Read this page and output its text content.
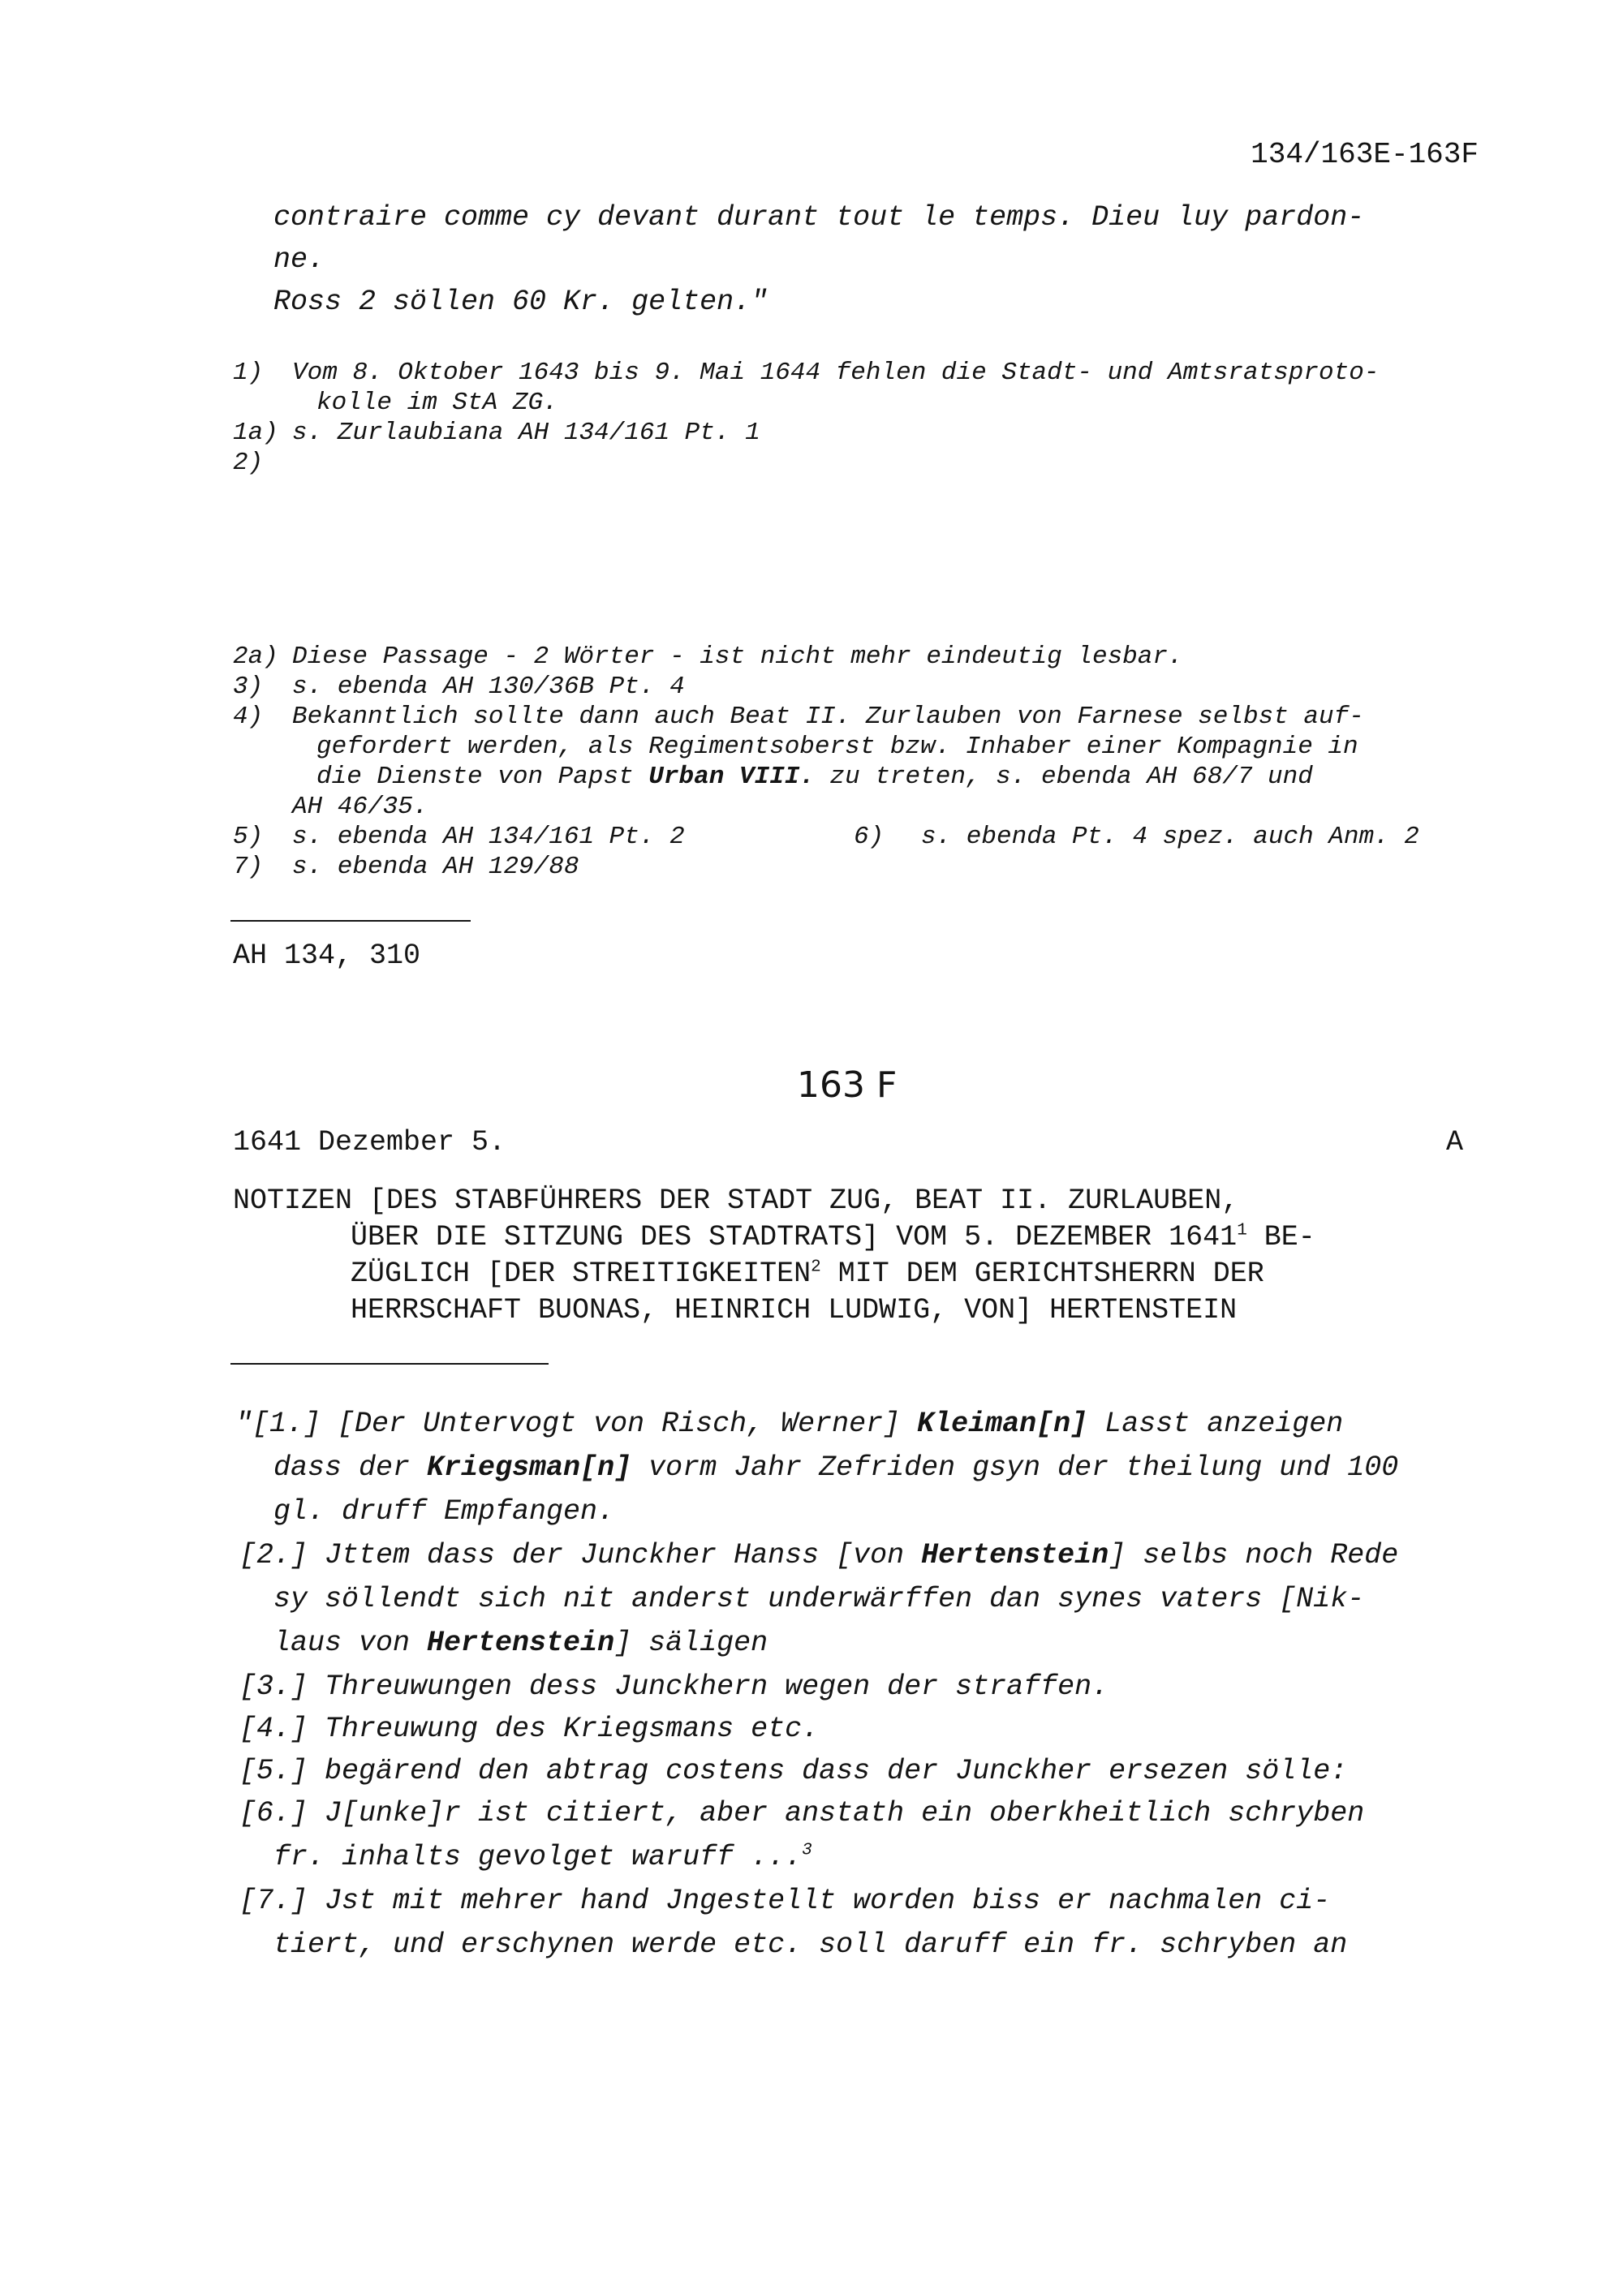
134/163E-163F
contraire comme cy devant durant tout le temps. Dieu luy pardon-
ne.
Ross 2 söllen 60 Kr. gelten."
1) Vom 8. Oktober 1643 bis 9. Mai 1644 fehlen die Stadt- und Amtsratsproto-
kolle im StA ZG.
1a) s. Zurlaubiana AH 134/161 Pt. 1
2)
2a) Diese Passage - 2 Wörter - ist nicht mehr eindeutig lesbar.
3) s. ebenda AH 130/36B Pt. 4
4) Bekanntlich sollte dann auch Beat II. Zurlauben von Farnese selbst auf-
gefordert werden, als Regimentsoberst bzw. Inhaber einer Kompagnie in
die Dienste von Papst Urban VIII. zu treten, s. ebenda AH 68/7 und
AH 46/35.
5) s. ebenda AH 134/161 Pt. 2	6) s. ebenda Pt. 4 spez. auch Anm. 2
7) s. ebenda AH 129/88
AH 134, 310
163 F
1641 Dezember 5.	A
NOTIZEN [DES STABFÜHRERS DER STADT ZUG, BEAT II. ZURLAUBEN,
ÜBER DIE SITZUNG DES STADTRATS] VOM 5. DEZEMBER 1641$^1$ BE-
ZÜGLICH [DER STREITIGKEITEN$^2$ MIT DEM GERICHTSHERRN DER
HERRSCHAFT BUONAS, HEINRICH LUDWIG, VON] HERTENSTEIN
"[1.] [Der Untervogt von Risch, Werner] Kleiman[n] Lasst anzeigen
dass der Kriegsman[n] vorm Jahr Zefriden gsyn der theilung und 100
gl. druff Empfangen.
[2.] Jttem dass der Junckher Hanss [von Hertenstein] selbs noch Rede
sy söllendt sich nit anderst underwärffen dan synes vaters [Nik-
laus von Hertenstein] säligen
[3.] Threuwungen dess Junckhern wegen der straffen.
[4.] Threuwung des Kriegsmans etc.
[5.] begärend den abtrag costens dass der Junckher ersezen sölle:
[6.] J[unke]r ist citiert, aber anstath ein oberkheitlich schryben
fr. inhalts gevolget waruff ...$^3$
[7.] Jst mit mehrer hand Jngestellt worden biss er nachmalen ci-
tiert, und erschynen werde etc. soll daruff ein fr. schryben an
